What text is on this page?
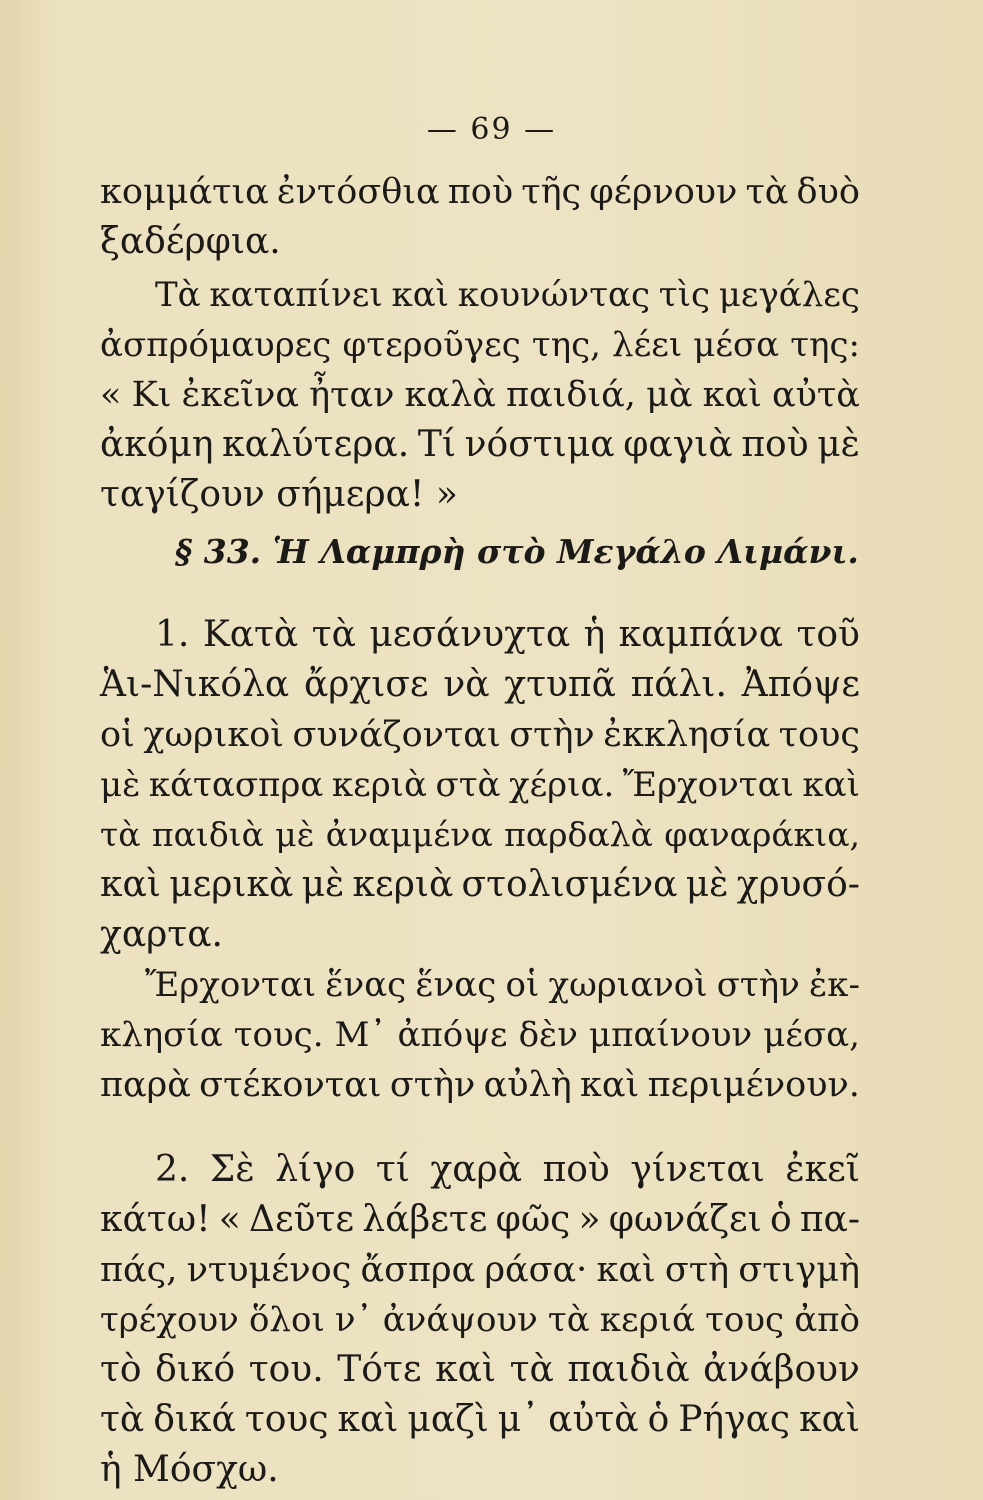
— 69 —
κομμάτια ἐντόσθια ποὺ τῆς φέρνουν τὰ δυὸ
ξαδέρφια.
Τὰ καταπίνει καὶ κουνώντας τὶς μεγάλες
ἀσπρόμαυρες φτεροῦγες της, λέει μέσα της:
« Κι ἐκεῖνα ἦταν καλὰ παιδιά, μὰ καὶ αὐτὰ
ἀκόμη καλύτερα. Τί νόστιμα φαγιὰ ποὺ μὲ
ταγίζουν σήμερα! »
§ 33. Ἡ Λαμπρὴ στὸ Μεγάλο Λιμάνι.
1. Κατὰ τὰ μεσάνυχτα ἡ καμπάνα τοῦ
Ἁι-Νικόλα ἄρχισε νὰ χτυπᾶ πάλι. Ἀπόψε
οἱ χωρικοὶ συνάζονται στὴν ἐκκλησία τους
μὲ κάτασπρα κεριὰ στὰ χέρια. Ἔρχονται καὶ
τὰ παιδιὰ μὲ ἀναμμένα παρδαλὰ φαναράκια,
καὶ μερικὰ μὲ κεριὰ στολισμένα μὲ χρυσό-
χαρτα.
Ἔρχονται ἕνας ἕνας οἱ χωριανοὶ στὴν ἐκ-
κλησία τους. Μ᾽ ἀπόψε δὲν μπαίνουν μέσα,
παρὰ στέκονται στὴν αὐλὴ καὶ περιμένουν.
2. Σὲ λίγο τί χαρὰ ποὺ γίνεται ἐκεῖ
κάτω! « Δεῦτε λάβετε φῶς » φωνάζει ὁ πα-
πάς, ντυμένος ἄσπρα ράσα· καὶ στὴ στιγμὴ
τρέχουν ὅλοι ν᾽ ἀνάψουν τὰ κεριά τους ἀπὸ
τὸ δικό του. Τότε καὶ τὰ παιδιὰ ἀνάβουν
τὰ δικά τους καὶ μαζὶ μ᾽ αὐτὰ ὁ Ρήγας καὶ
ἡ Μόσχω.
